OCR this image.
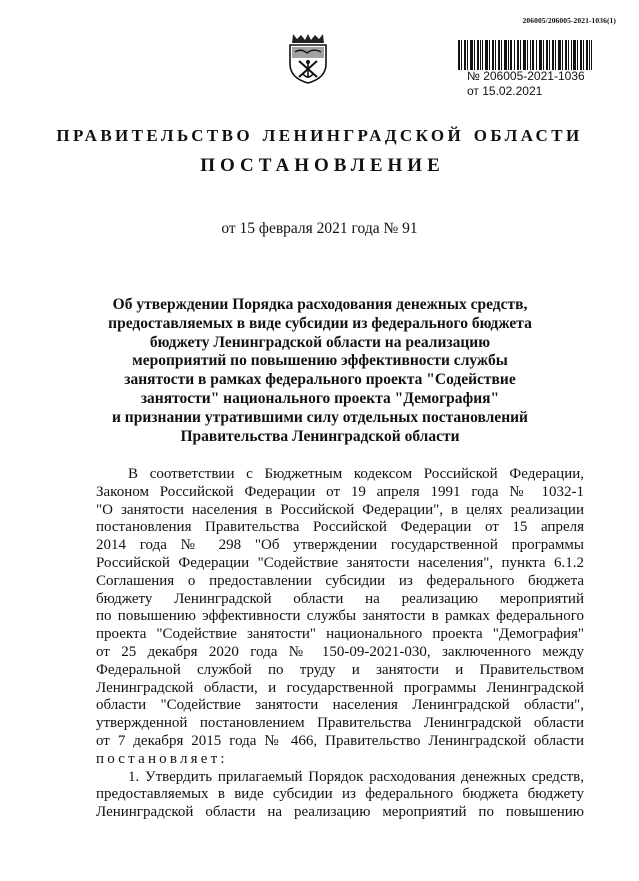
206005/206005-2021-1036(1)
№ 206005-2021-1036
от 15.02.2021
ПРАВИТЕЛЬСТВО ЛЕНИНГРАДСКОЙ ОБЛАСТИ
ПОСТАНОВЛЕНИЕ
от 15 февраля 2021 года № 91
Об утверждении Порядка расходования денежных средств,
предоставляемых в виде субсидии из федерального бюджета
бюджету Ленинградской области на реализацию
мероприятий по повышению эффективности службы
занятости в рамках федерального проекта "Содействие
занятости" национального проекта "Демография"
и признании утратившими силу отдельных постановлений
Правительства Ленинградской области
В соответствии с Бюджетным кодексом Российской Федерации,
Законом Российской Федерации от 19 апреля 1991 года № 1032-1
"О занятости населения в Российской Федерации", в целях реализации
постановления Правительства Российской Федерации от 15 апреля
2014 года № 298 "Об утверждении государственной программы
Российской Федерации "Содействие занятости населения", пункта 6.1.2
Соглашения о предоставлении субсидии из федерального бюджета
бюджету Ленинградской области на реализацию мероприятий
по повышению эффективности службы занятости в рамках федерального
проекта "Содействие занятости" национального проекта "Демография"
от 25 декабря 2020 года № 150-09-2021-030, заключенного между
Федеральной службой по труду и занятости и Правительством
Ленинградской области, и государственной программы Ленинградской
области "Содействие занятости населения Ленинградской области",
утвержденной постановлением Правительства Ленинградской области
от 7 декабря 2015 года № 466, Правительство Ленинградской области
постановляет:
1. Утвердить прилагаемый Порядок расходования денежных средств,
предоставляемых в виде субсидии из федерального бюджета бюджету
Ленинградской области на реализацию мероприятий по повышению
